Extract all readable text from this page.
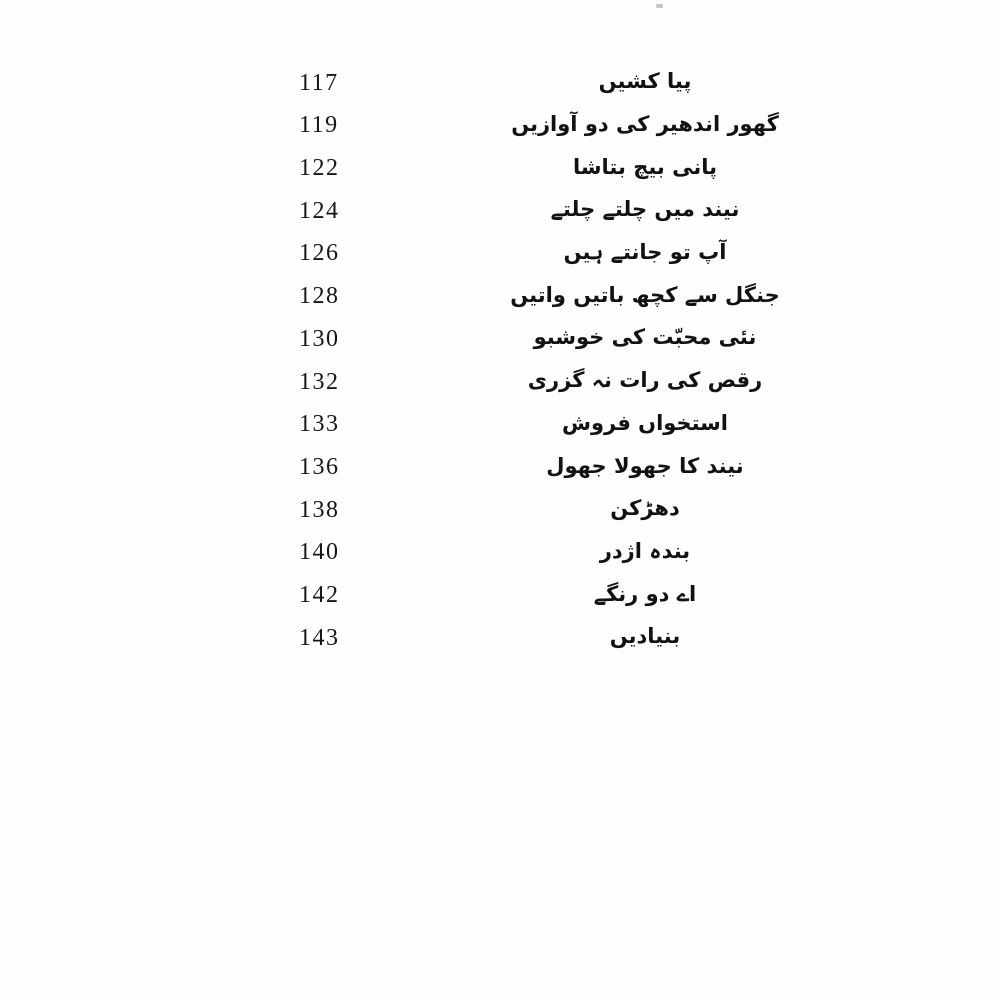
پیا کشیں
117
گھور اندھیر کی دو آوازیں
119
پانی بیچ بتاشا
122
نیند میں چلتے چلتے
124
آپ تو جانتے ہیں
126
جنگل سے کچھ باتیں واتیں
128
نئی محبّت کی خوشبو
130
رقص کی رات نہ گزری
132
استخواں فروش
133
نیند کا جھولا جھول
136
دھڑکن
138
بندہ اژدر
140
اے دو رنگے
142
بنیادیں
143
